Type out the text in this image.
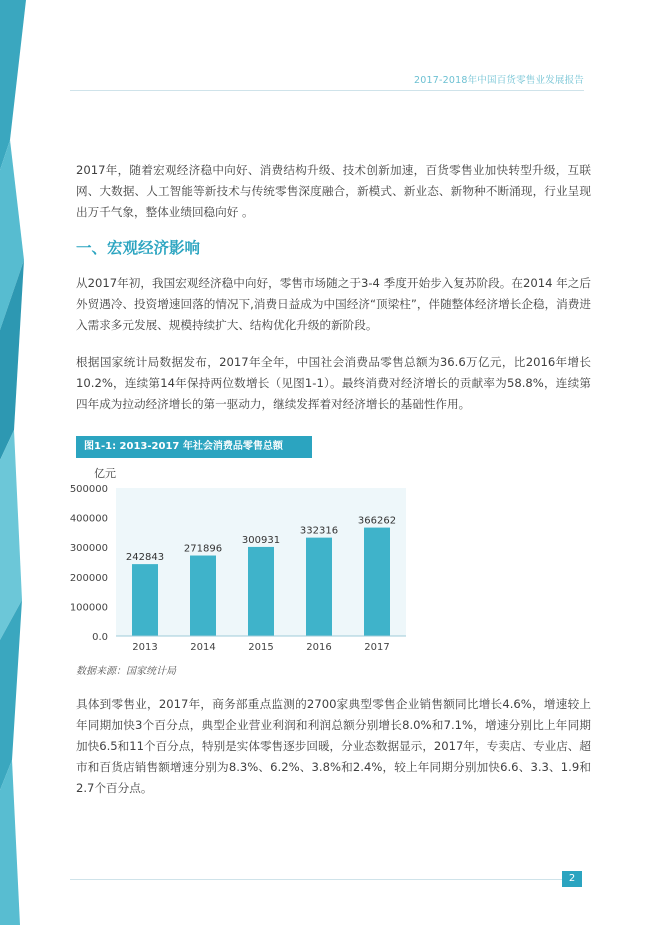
2017-2018年中国百货零售业发展报告
2017年，随着宏观经济稳中向好、消费结构升级、技术创新加速，百货零售业加快转型升级，互联网、大数据、人工智能等新技术与传统零售深度融合，新模式、新业态、新物种不断涌现，行业呈现出万千气象，整体业绩回稳向好 。
一、宏观经济影响
从2017年初，我国宏观经济稳中向好，零售市场随之于3-4 季度开始步入复苏阶段。在2014 年之后外贸遇冷、投资增速回落的情况下,消费日益成为中国经济“顶梁柱”，伴随整体经济增长企稳，消费进入需求多元发展、规模持续扩大、结构优化升级的新阶段。
根据国家统计局数据发布，2017年全年，中国社会消费品零售总额为36.6万亿元，比2016年增长10.2%，连续第14年保持两位数增长（见图1-1）。最终消费对经济增长的贡献率为58.8%，连续第四年成为拉动经济增长的第一驱动力，继续发挥着对经济增长的基础性作用。
图1-1: 2013-2017 年社会消费品零售总额
亿元
500000
400000
300000
200000
100000
0.0
242843
2013
271896
2014
300931
2015
332316
2016
366262
2017
数据来源：国家统计局
具体到零售业，2017年，商务部重点监测的2700家典型零售企业销售额同比增长4.6%，增速较上年同期加快3个百分点，典型企业营业利润和利润总额分别增长8.0%和7.1%，增速分别比上年同期加快6.5和11个百分点，特别是实体零售逐步回暖，分业态数据显示，2017年，专卖店、专业店、超市和百货店销售额增速分别为8.3%、6.2%、3.8%和2.4%，较上年同期分别加快6.6、3.3、1.9和2.7个百分点。
2
